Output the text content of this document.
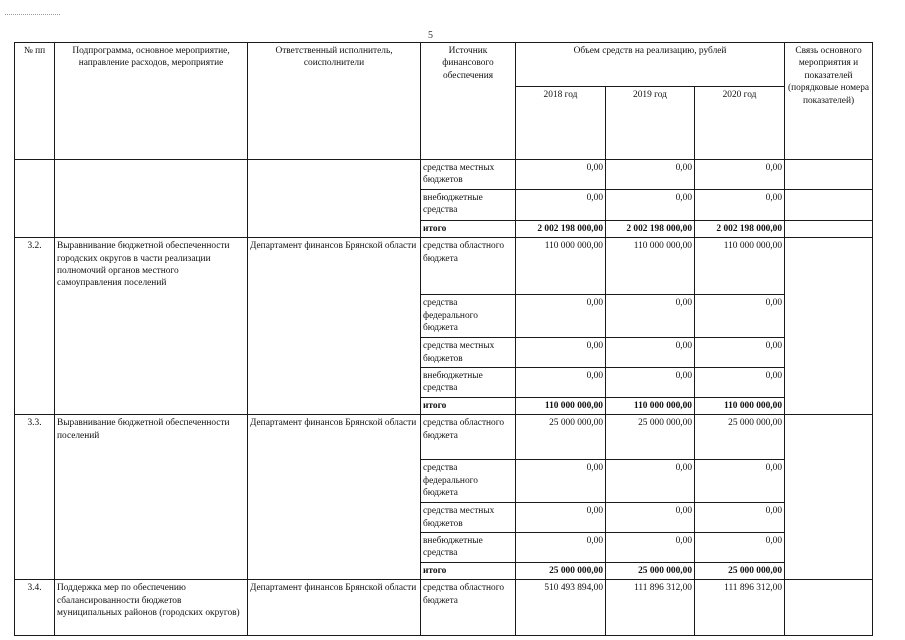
5
№ пп	Подпрограмма, основное мероприятие, направление расходов, мероприятие	Ответственный исполнитель, соисполнители	Источник финансового обеспечения	Объем средств на реализацию, рублей			Связь основного мероприятия и показателей (порядковые номера показателей)
				2018 год	2019 год	2020 год	
			средства местных бюджетов	0,00	0,00	0,00	
			внебюджетные средства	0,00	0,00	0,00	
			итого	2 002 198 000,00	2 002 198 000,00	2 002 198 000,00	
3.2.	Выравнивание бюджетной обеспеченности городских округов в части реализации полномочий органов местного самоуправления поселений	Департамент финансов Брянской области	средства областного бюджета	110 000 000,00	110 000 000,00	110 000 000,00	
			средства федерального бюджета	0,00	0,00	0,00	
			средства местных бюджетов	0,00	0,00	0,00	
			внебюджетные средства	0,00	0,00	0,00	
			итого	110 000 000,00	110 000 000,00	110 000 000,00	
3.3.	Выравнивание бюджетной обеспеченности поселений	Департамент финансов Брянской области	средства областного бюджета	25 000 000,00	25 000 000,00	25 000 000,00	
			средства федерального бюджета	0,00	0,00	0,00	
			средства местных бюджетов	0,00	0,00	0,00	
			внебюджетные средства	0,00	0,00	0,00	
			итого	25 000 000,00	25 000 000,00	25 000 000,00	
3.4.	Поддержка мер по обеспечению сбалансированности бюджетов муниципальных районов (городских округов)	Департамент финансов Брянской области	средства областного бюджета	510 493 894,00	111 896 312,00	111 896 312,00	
